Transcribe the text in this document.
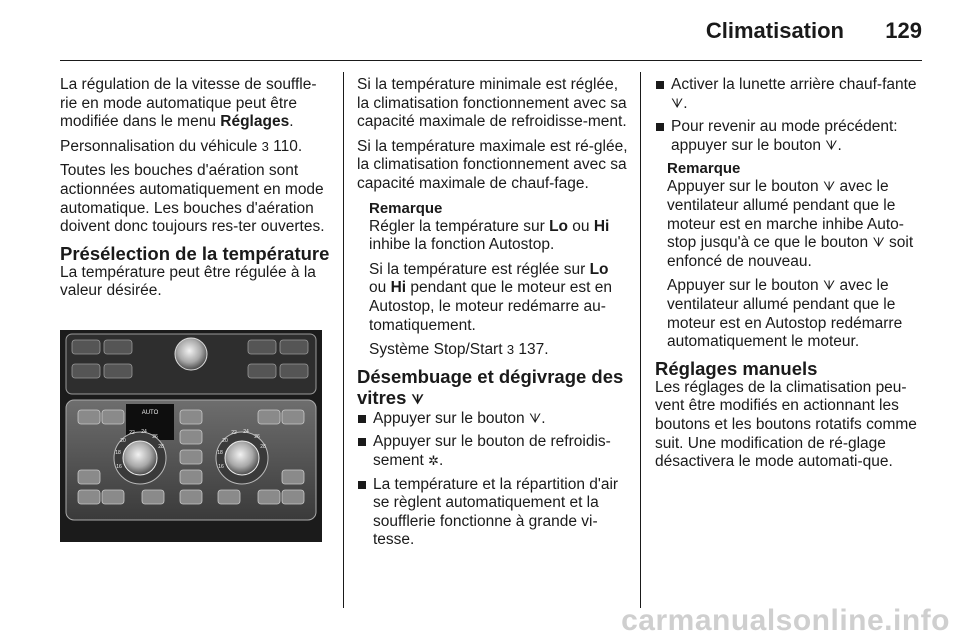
Climatisation 129

La régulation de la vitesse de souffle-rie en mode automatique peut être modifiée dans le menu Réglages.

Personnalisation du véhicule 3 110.

Toutes les bouches d'aération sont actionnées automatiquement en mode automatique. Les bouches d'aération doivent donc toujours res-ter ouvertes.

Présélection de la température

La température peut être régulée à la valeur désirée.

AUTO
16
18
20
22 24
26
28
16
18
20
22 24
26
28

Si la température minimale est réglée, la climatisation fonctionnement avec sa capacité maximale de refroidisse-ment.

Si la température maximale est ré-glée, la climatisation fonctionnement avec sa capacité maximale de chauf-fage.

Remarque

Régler la température sur Lo ou Hi inhibe la fonction Autostop.

Si la température est réglée sur Lo ou Hi pendant que le moteur est en Autostop, le moteur redémarre au-tomatiquement.

Système Stop/Start 3 137.

Désembuage et dégivrage des vitres ᗐ
Appuyer sur le bouton ᗐ.
Appuyer sur le bouton de refroidis-sement ✲.
La température et la répartition d'air se règlent automatiquement et la soufflerie fonctionne à grande vi-tesse.
Activer la lunette arrière chauf-fante ᗐ.
Pour revenir au mode précédent: appuyer sur le bouton ᗐ.
Remarque

Appuyer sur le bouton ᗐ avec le ventilateur allumé pendant que le moteur est en marche inhibe Auto-stop jusqu'à ce que le bouton ᗐ soit enfoncé de nouveau.

Appuyer sur le bouton ᗐ avec le ventilateur allumé pendant que le moteur est en Autostop redémarre automatiquement le moteur.

Réglages manuels

Les réglages de la climatisation peu-vent être modifiés en actionnant les boutons et les boutons rotatifs comme suit. Une modification de ré-glage désactivera le mode automati-que.

carmanualsonline.info
